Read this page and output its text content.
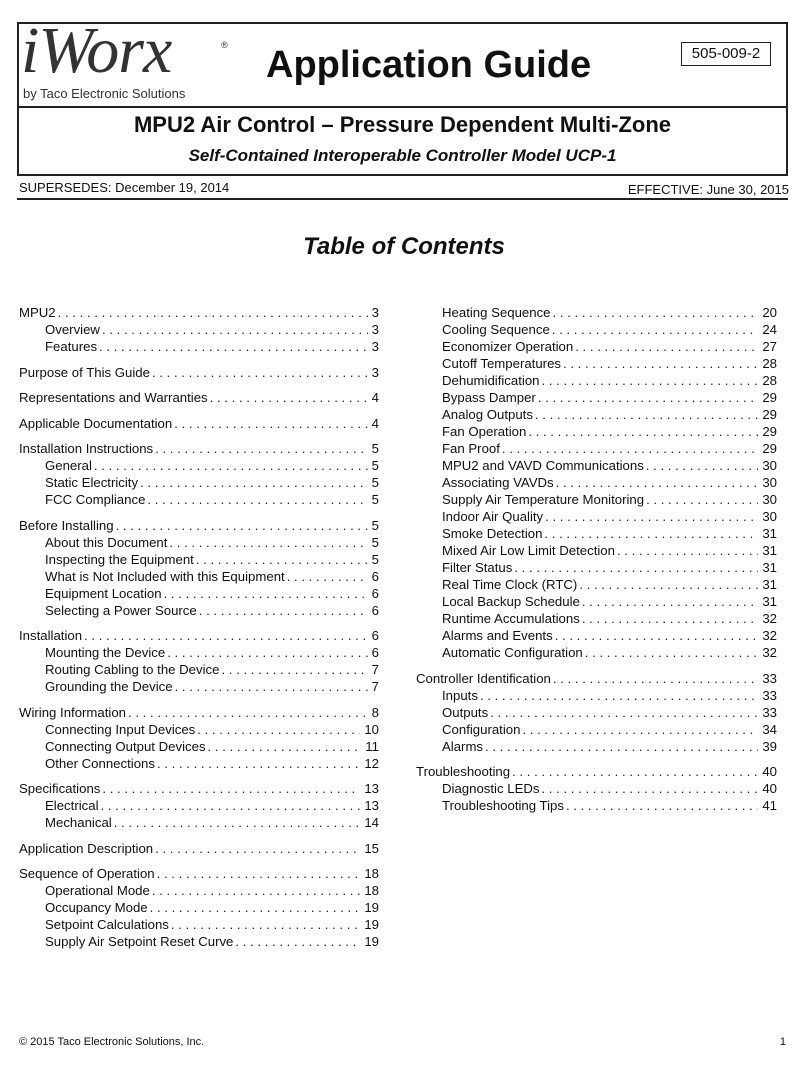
iWorx	®
by Taco Electronic Solutions
Application Guide	505-009-2
MPU2 Air Control – Pressure Dependent Multi-Zone
Self-Contained Interoperable Controller Model UCP-1
SUPERSEDES: December 19, 2014	EFFECTIVE: June 30, 2015
Table of Contents
MPU2 . . .	3
Overview . . .	3
Features . . .	3
Purpose of This Guide . . .	3
Representations and Warranties . . .	4
Applicable Documentation . . .	4
Installation Instructions . . .	5
General . . .	5
Static Electricity . . .	5
FCC Compliance . . .	5
Before Installing . . .	5
About this Document . . .	5
Inspecting the Equipment . . .	5
What is Not Included with this Equipment . . .	6
Equipment Location . . .	6
Selecting a Power Source . . .	6
Installation . . .	6
Mounting the Device . . .	6
Routing Cabling to the Device . . .	7
Grounding the Device . . .	7
Wiring Information . . .	8
Connecting Input Devices . . .	10
Connecting Output Devices . . .	11
Other Connections . . .	12
Specifications . . .	13
Electrical . . .	13
Mechanical . . .	14
Application Description . . .	15
Sequence of Operation . . .	18
Operational Mode . . .	18
Occupancy Mode . . .	19
Setpoint Calculations . . .	19
Supply Air Setpoint Reset Curve . . .	19
Heating Sequence . . .	20
Cooling Sequence . . .	24
Economizer Operation . . .	27
Cutoff Temperatures . . .	28
Dehumidification . . .	28
Bypass Damper . . .	29
Analog Outputs . . .	29
Fan Operation . . .	29
Fan Proof . . .	29
MPU2 and VAVD Communications . . .	30
Associating VAVDs . . .	30
Supply Air Temperature Monitoring . . .	30
Indoor Air Quality . . .	30
Smoke Detection . . .	31
Mixed Air Low Limit Detection . . .	31
Filter Status . . .	31
Real Time Clock (RTC) . . .	31
Local Backup Schedule . . .	31
Runtime Accumulations . . .	32
Alarms and Events . . .	32
Automatic Configuration . . .	32
Controller Identification . . .	33
Inputs . . .	33
Outputs . . .	33
Configuration . . .	34
Alarms . . .	39
Troubleshooting . . .	40
Diagnostic LEDs . . .	40
Troubleshooting Tips . . .	41
© 2015 Taco Electronic Solutions, Inc.	1
